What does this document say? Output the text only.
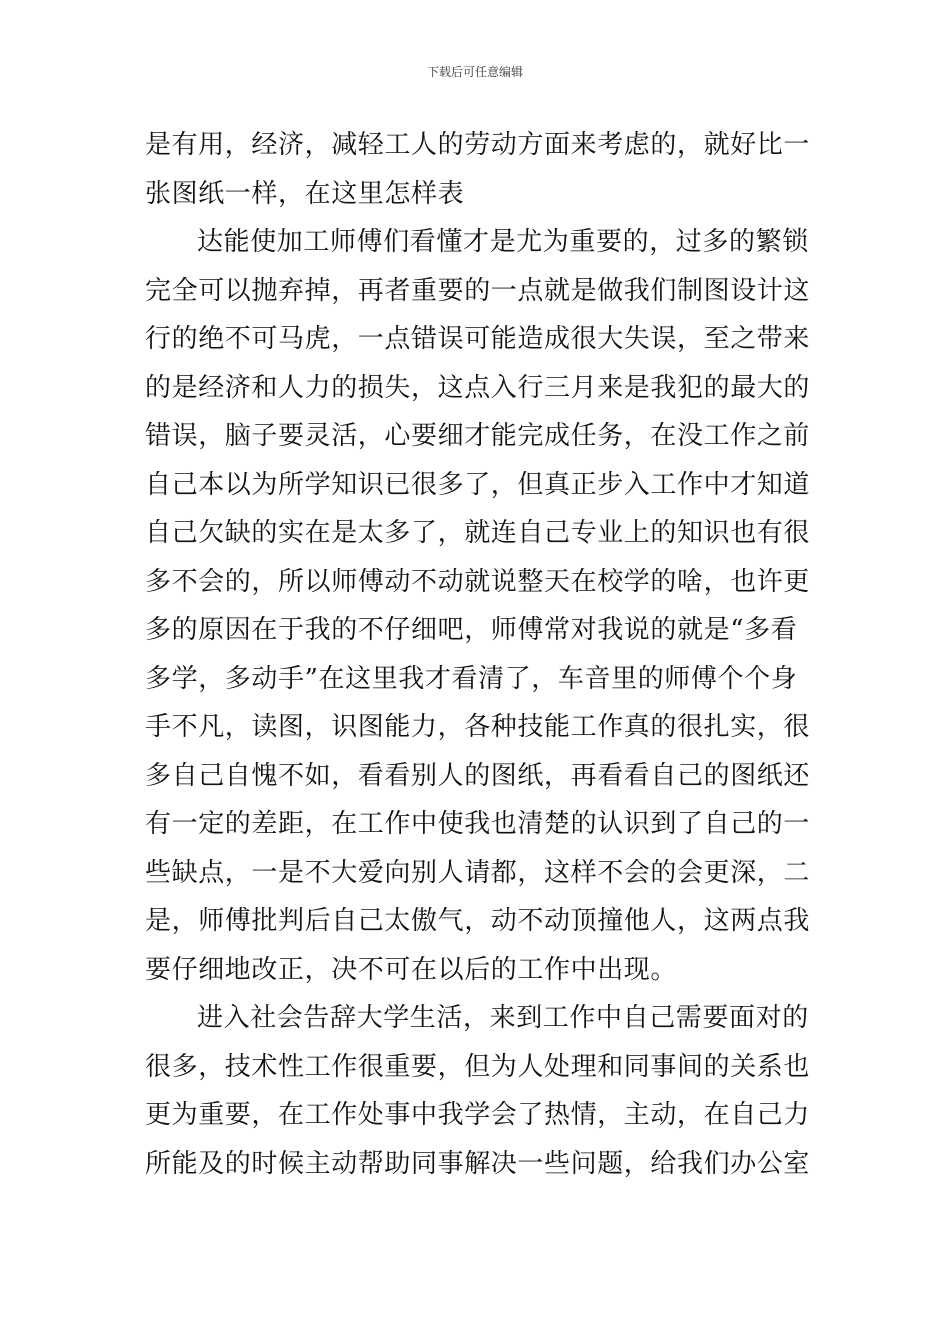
下载后可任意编辑
是有用，经济，减轻工人的劳动方面来考虑的，就好比一
张图纸一样，在这里怎样表
达能使加工师傅们看懂才是尤为重要的，过多的繁锁
完全可以抛弃掉，再者重要的一点就是做我们制图设计这
行的绝不可马虎，一点错误可能造成很大失误，至之带来
的是经济和人力的损失，这点入行三月来是我犯的最大的
错误，脑子要灵活，心要细才能完成任务，在没工作之前
自己本以为所学知识已很多了，但真正步入工作中才知道
自己欠缺的实在是太多了，就连自己专业上的知识也有很
多不会的，所以师傅动不动就说整天在校学的啥，也许更
多的原因在于我的不仔细吧，师傅常对我说的就是“多看
多学，多动手”在这里我才看清了，车音里的师傅个个身
手不凡，读图，识图能力，各种技能工作真的很扎实，很
多自己自愧不如，看看别人的图纸，再看看自己的图纸还
有一定的差距，在工作中使我也清楚的认识到了自己的一
些缺点，一是不大爱向别人请都，这样不会的会更深，二
是，师傅批判后自己太傲气，动不动顶撞他人，这两点我
要仔细地改正，决不可在以后的工作中出现。
进入社会告辞大学生活，来到工作中自己需要面对的
很多，技术性工作很重要，但为人处理和同事间的关系也
更为重要，在工作处事中我学会了热情，主动，在自己力
所能及的时候主动帮助同事解决一些问题，给我们办公室
